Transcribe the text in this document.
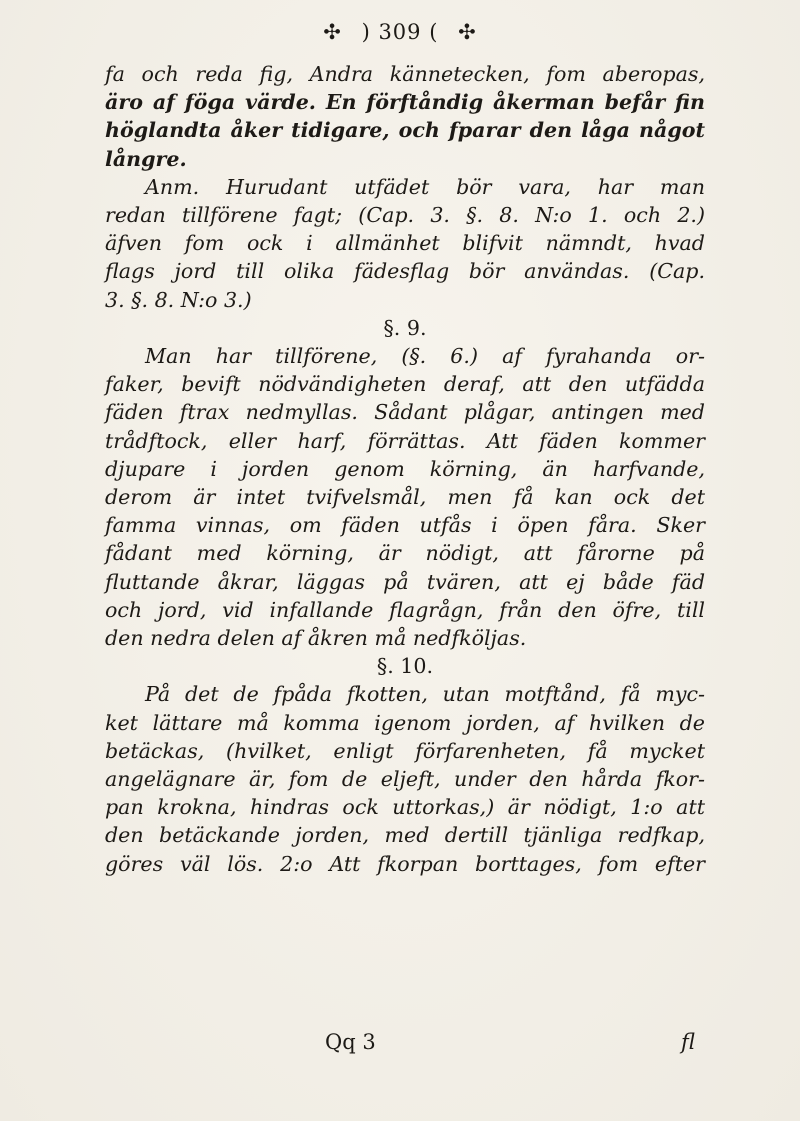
✣ ) 309 ( ✣
fa och reda fig, Andra kännetecken, fom aberopas,
äro af föga värde. En förftåndig åkerman befår fin
höglandta åker tidigare, och fparar den låga något
långre.
Anm. Hurudant utfädet bör vara, har man
redan tillförene fagt; (Cap. 3. §. 8. N:o 1. och 2.)
äfven fom ock i allmänhet blifvit nämndt, hvad
flags jord till olika fädesflag bör användas. (Cap.
3. §. 8. N:o 3.)
§. 9.
Man har tillförene, (§. 6.) af fyrahanda or-
faker, bevift nödvändigheten deraf, att den utfädda
fäden ftrax nedmyllas. Sådant plågar, antingen med
trådftock, eller harf, förrättas. Att fäden kommer
djupare i jorden genom körning, än harfvande,
derom är intet tvifvelsmål, men få kan ock det
famma vinnas, om fäden utfås i öpen fåra. Sker
fådant med körning, är nödigt, att fårorne på
fluttande åkrar, läggas på tvären, att ej både fäd
och jord, vid infallande flagrågn, från den öfre, till
den nedra delen af åkren må nedfköljas.
§. 10.
På det de fpåda fkotten, utan motftånd, få myc-
ket lättare må komma igenom jorden, af hvilken de
betäckas, (hvilket, enligt förfarenheten, få mycket
angelägnare är, fom de eljeft, under den hårda fkor-
pan krokna, hindras ock uttorkas,) är nödigt, 1:o att
den betäckande jorden, med dertill tjänliga redfkap,
göres väl lös. 2:o Att fkorpan borttages, fom efter
Qq 3	fl
